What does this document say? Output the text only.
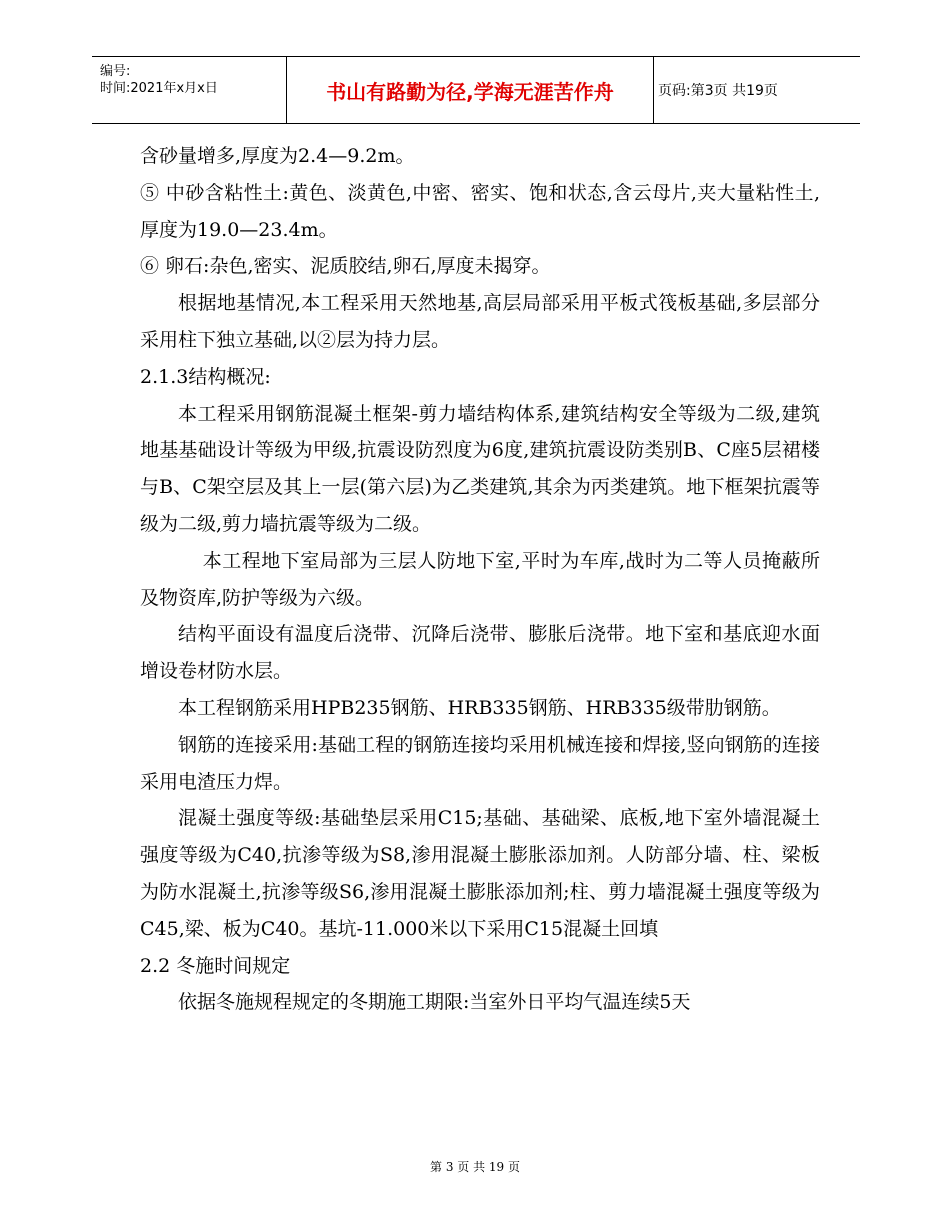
编号:
时间:2021年x月x日	书山有路勤为径,学海无涯苦作舟	页码:第3页 共19页

含砂量增多,厚度为2.4—9.2m。

⑤ 中砂含粘性土:黄色、淡黄色,中密、密实、饱和状态,含云母片,夹大量粘性土,厚度为19.0—23.4m。

⑥ 卵石:杂色,密实、泥质胶结,卵石,厚度未揭穿。

根据地基情况,本工程采用天然地基,高层局部采用平板式筏板基础,多层部分采用柱下独立基础,以②层为持力层。

2.1.3结构概况:

本工程采用钢筋混凝土框架-剪力墙结构体系,建筑结构安全等级为二级,建筑地基基础设计等级为甲级,抗震设防烈度为6度,建筑抗震设防类别B、C座5层裙楼与B、C架空层及其上一层(第六层)为乙类建筑,其余为丙类建筑。地下框架抗震等级为二级,剪力墙抗震等级为二级。

本工程地下室局部为三层人防地下室,平时为车库,战时为二等人员掩蔽所及物资库,防护等级为六级。

结构平面设有温度后浇带、沉降后浇带、膨胀后浇带。地下室和基底迎水面增设卷材防水层。

本工程钢筋采用HPB235钢筋、HRB335钢筋、HRB335级带肋钢筋。

钢筋的连接采用:基础工程的钢筋连接均采用机械连接和焊接,竖向钢筋的连接采用电渣压力焊。

混凝土强度等级:基础垫层采用C15;基础、基础梁、底板,地下室外墙混凝土强度等级为C40,抗渗等级为S8,渗用混凝土膨胀添加剂。人防部分墙、柱、梁板为防水混凝土,抗渗等级S6,渗用混凝土膨胀添加剂;柱、剪力墙混凝土强度等级为C45,梁、板为C40。基坑-11.000米以下采用C15混凝土回填

2.2 冬施时间规定

依据冬施规程规定的冬期施工期限:当室外日平均气温连续5天

第 3 页 共 19 页
